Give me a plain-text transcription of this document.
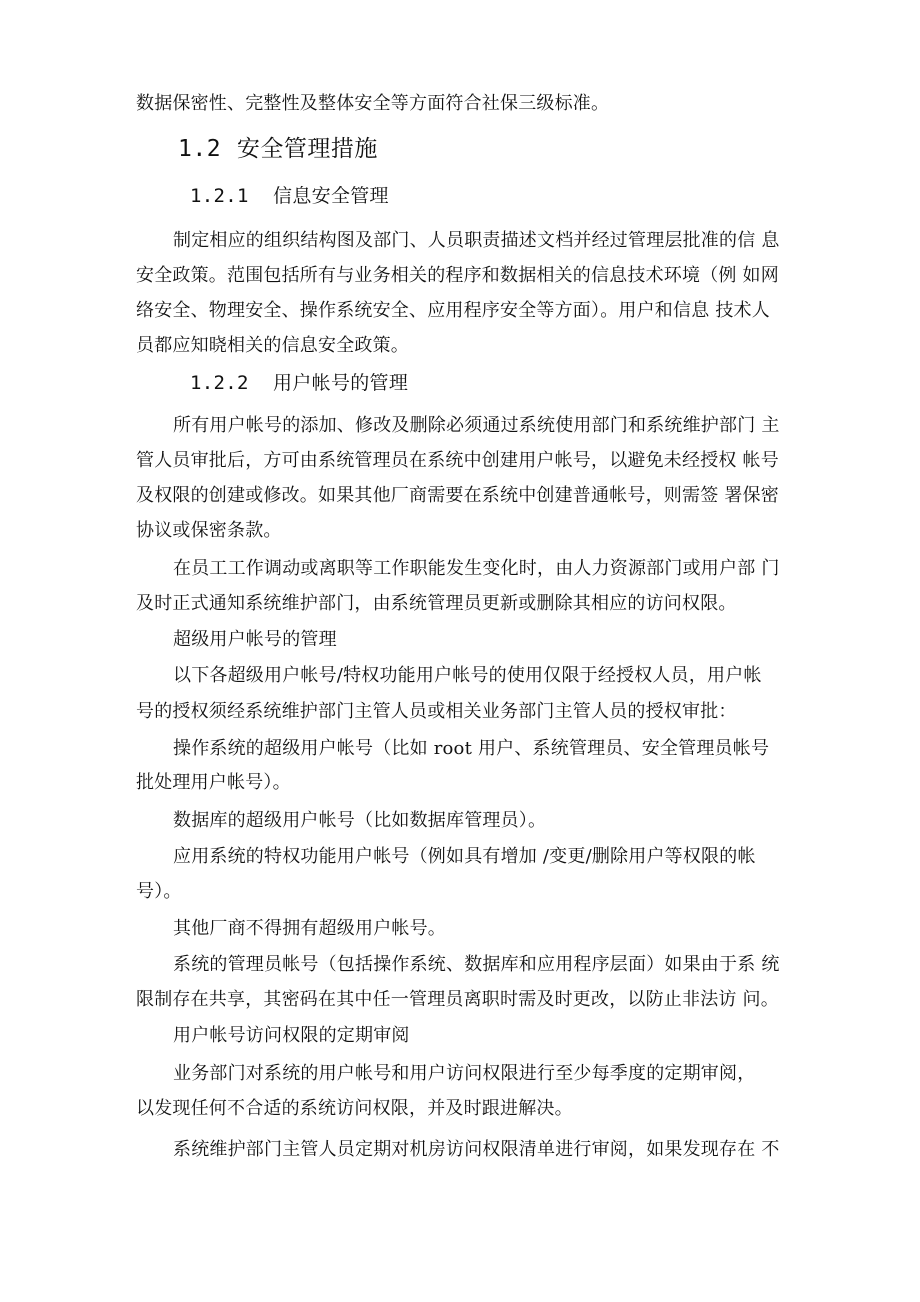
数据保密性、完整性及整体安全等方面符合社保三级标准。
1.2 安全管理措施
1.2.1 信息安全管理
制定相应的组织结构图及部门、人员职责描述文档并经过管理层批准的信 息
安全政策。范围包括所有与业务相关的程序和数据相关的信息技术环境（例 如网
络安全、物理安全、操作系统安全、应用程序安全等方面）。用户和信息 技术人
员都应知晓相关的信息安全政策。
1.2.2 用户帐号的管理
所有用户帐号的添加、修改及删除必须通过系统使用部门和系统维护部门 主
管人员审批后，方可由系统管理员在系统中创建用户帐号，以避免未经授权 帐号
及权限的创建或修改。如果其他厂商需要在系统中创建普通帐号，则需签 署保密
协议或保密条款。
在员工工作调动或离职等工作职能发生变化时，由人力资源部门或用户部 门
及时正式通知系统维护部门，由系统管理员更新或删除其相应的访问权限。
超级用户帐号的管理
以下各超级用户帐号/特权功能用户帐号的使用仅限于经授权人员，用户帐
号的授权须经系统维护部门主管人员或相关业务部门主管人员的授权审批：
操作系统的超级用户帐号（比如 root 用户、系统管理员、安全管理员帐号
批处理用户帐号）。
数据库的超级用户帐号（比如数据库管理员）。
应用系统的特权功能用户帐号（例如具有增加 /变更/删除用户等权限的帐
号）。
其他厂商不得拥有超级用户帐号。
系统的管理员帐号（包括操作系统、数据库和应用程序层面）如果由于系 统
限制存在共享，其密码在其中任一管理员离职时需及时更改，以防止非法访 问。
用户帐号访问权限的定期审阅
业务部门对系统的用户帐号和用户访问权限进行至少每季度的定期审阅，
以发现任何不合适的系统访问权限，并及时跟进解决。
系统维护部门主管人员定期对机房访问权限清单进行审阅，如果发现存在 不
